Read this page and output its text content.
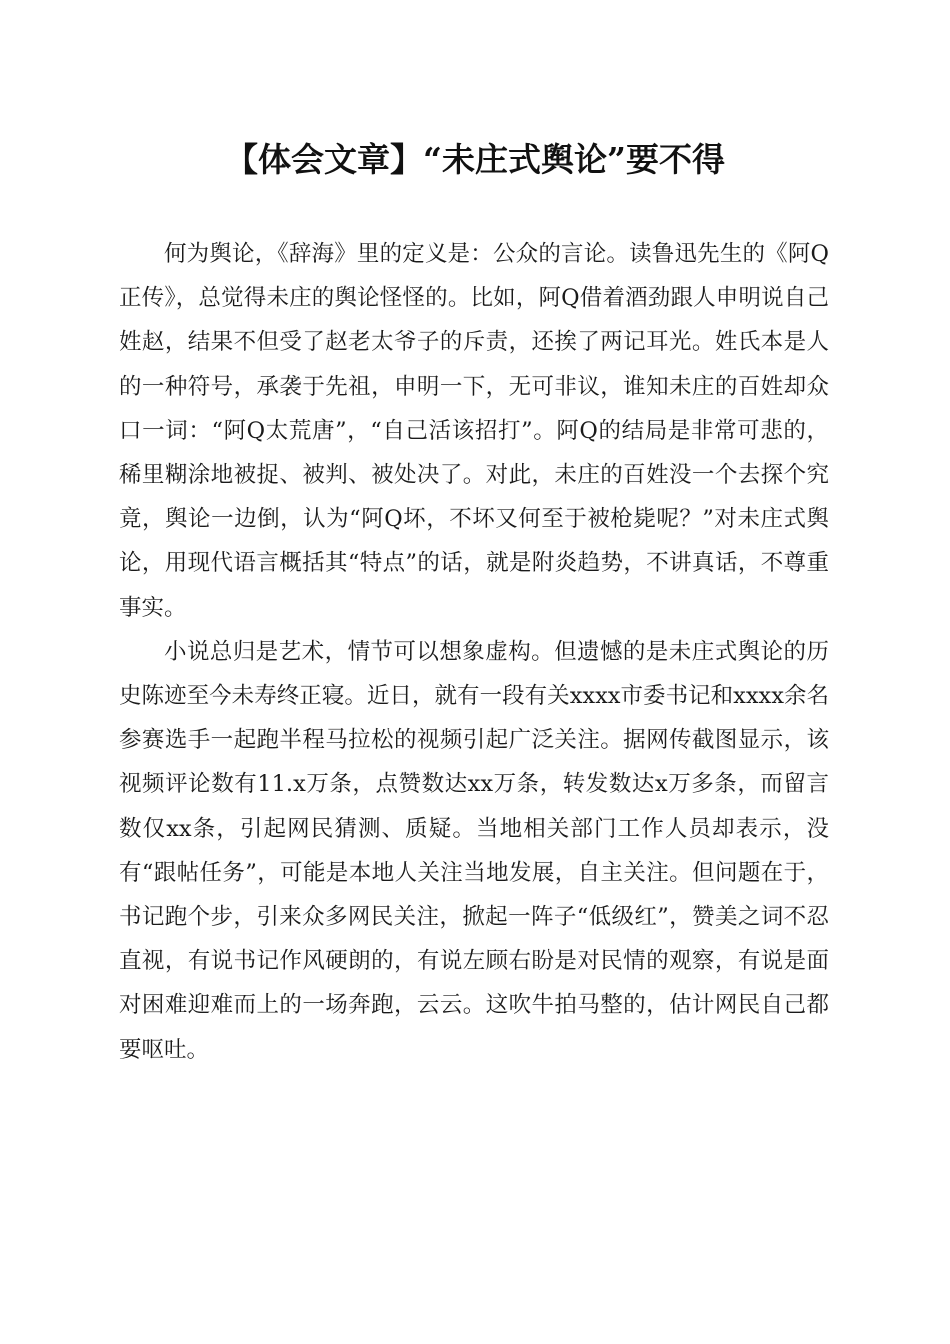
【体会文章】“未庄式舆论”要不得

何为舆论，《辞海》里的定义是：公众的言论。读鲁迅先生的《阿Q正传》，总觉得未庄的舆论怪怪的。比如，阿Q借着酒劲跟人申明说自己姓赵，结果不但受了赵老太爷子的斥责，还挨了两记耳光。姓氏本是人的一种符号，承袭于先祖，申明一下，无可非议，谁知未庄的百姓却众口一词：“阿Q太荒唐”，“自己活该招打”。阿Q的结局是非常可悲的，稀里糊涂地被捉、被判、被处决了。对此，未庄的百姓没一个去探个究竟，舆论一边倒，认为“阿Q坏，不坏又何至于被枪毙呢？”对未庄式舆论，用现代语言概括其“特点”的话，就是附炎趋势，不讲真话，不尊重事实。

小说总归是艺术，情节可以想象虚构。但遗憾的是未庄式舆论的历史陈迹至今未寿终正寝。近日，就有一段有关xxxx市委书记和xxxx余名参赛选手一起跑半程马拉松的视频引起广泛关注。据网传截图显示，该视频评论数有11.x万条，点赞数达xx万条，转发数达x万多条，而留言数仅xx条，引起网民猜测、质疑。当地相关部门工作人员却表示，没有“跟帖任务”，可能是本地人关注当地发展，自主关注。但问题在于，书记跑个步，引来众多网民关注，掀起一阵子“低级红”，赞美之词不忍直视，有说书记作风硬朗的，有说左顾右盼是对民情的观察，有说是面对困难迎难而上的一场奔跑，云云。这吹牛拍马整的，估计网民自己都要呕吐。
